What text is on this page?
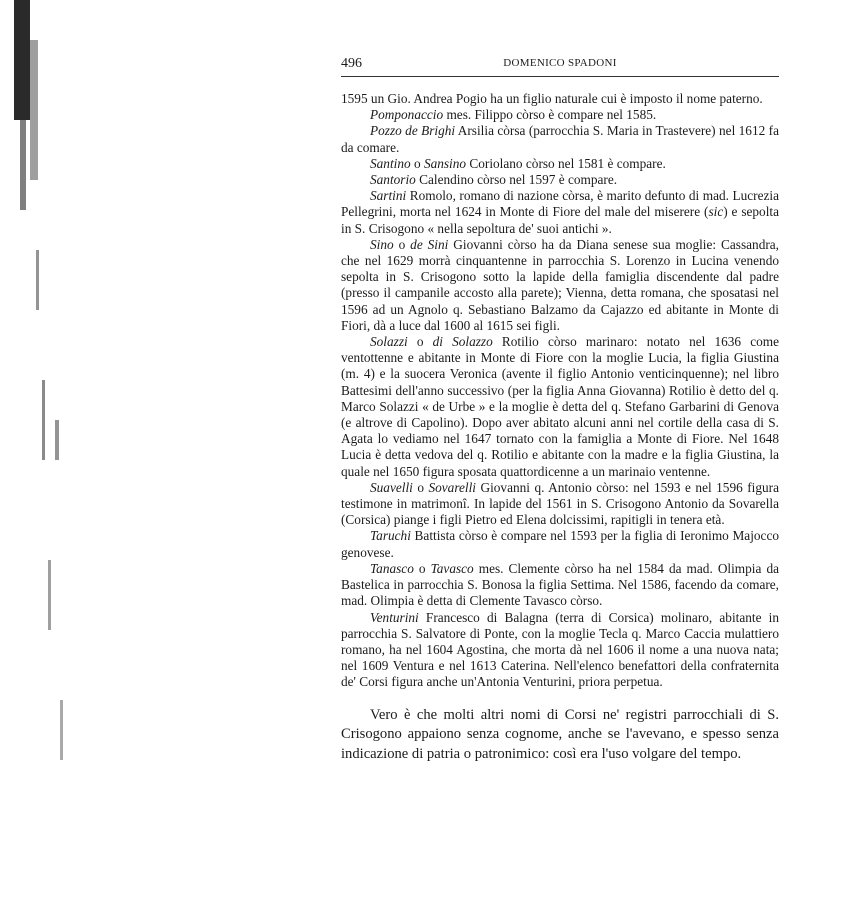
496	DOMENICO SPADONI

1595 un Gio. Andrea Pogio ha un figlio naturale cui è imposto il nome paterno.

Pomponaccio mes. Filippo còrso è compare nel 1585.

Pozzo de Brighi Arsilia còrsa (parrocchia S. Maria in Trastevere) nel 1612 fa da comare.

Santino o Sansino Coriolano còrso nel 1581 è compare.

Santorio Calendino còrso nel 1597 è compare.

Sartini Romolo, romano di nazione còrsa, è marito defunto di mad. Lucrezia Pellegrini, morta nel 1624 in Monte di Fiore del male del miserere (sic) e sepolta in S. Crisogono « nella sepoltura de' suoi antichi ».

Sino o de Sini Giovanni còrso ha da Diana senese sua moglie: Cassandra, che nel 1629 morrà cinquantenne in parrocchia S. Lorenzo in Lucina venendo sepolta in S. Crisogono sotto la lapide della famiglia discendente dal padre (presso il campanile accosto alla parete); Vienna, detta romana, che sposatasi nel 1596 ad un Agnolo q. Sebastiano Balzamo da Cajazzo ed abitante in Monte di Fiori, dà a luce dal 1600 al 1615 sei figli.

Solazzi o di Solazzo Rotilio còrso marinaro: notato nel 1636 come ventottenne e abitante in Monte di Fiore con la moglie Lucia, la figlia Giustina (m. 4) e la suocera Veronica (avente il figlio Antonio venticinquenne); nel libro Battesimi dell'anno successivo (per la figlia Anna Giovanna) Rotilio è detto del q. Marco Solazzi « de Urbe » e la moglie è detta del q. Stefano Garbarini di Genova (e altrove di Capolino). Dopo aver abitato alcuni anni nel cortile della casa di S. Agata lo vediamo nel 1647 tornato con la famiglia a Monte di Fiore. Nel 1648 Lucia è detta vedova del q. Rotilio e abitante con la madre e la figlia Giustina, la quale nel 1650 figura sposata quattordicenne a un marinaio ventenne.

Suavelli o Sovarelli Giovanni q. Antonio còrso: nel 1593 e nel 1596 figura testimone in matrimonî. In lapide del 1561 in S. Crisogono Antonio da Sovarella (Corsica) piange i figli Pietro ed Elena dolcissimi, rapitigli in tenera età.

Taruchi Battista còrso è compare nel 1593 per la figlia di Ieronimo Majocco genovese.

Tanasco o Tavasco mes. Clemente còrso ha nel 1584 da mad. Olimpia da Bastelica in parrocchia S. Bonosa la figlia Settima. Nel 1586, facendo da comare, mad. Olimpia è detta di Clemente Tavasco còrso.

Venturini Francesco di Balagna (terra di Corsica) molinaro, abitante in parrocchia S. Salvatore di Ponte, con la moglie Tecla q. Marco Caccia mulattiero romano, ha nel 1604 Agostina, che morta dà nel 1606 il nome a una nuova nata; nel 1609 Ventura e nel 1613 Caterina. Nell'elenco benefattori della confraternita de' Corsi figura anche un'Antonia Venturini, priora perpetua.

Vero è che molti altri nomi di Corsi ne' registri parrocchiali di S. Crisogono appaiono senza cognome, anche se l'avevano, e spesso senza indicazione di patria o patronimico: così era l'uso volgare del tempo.
